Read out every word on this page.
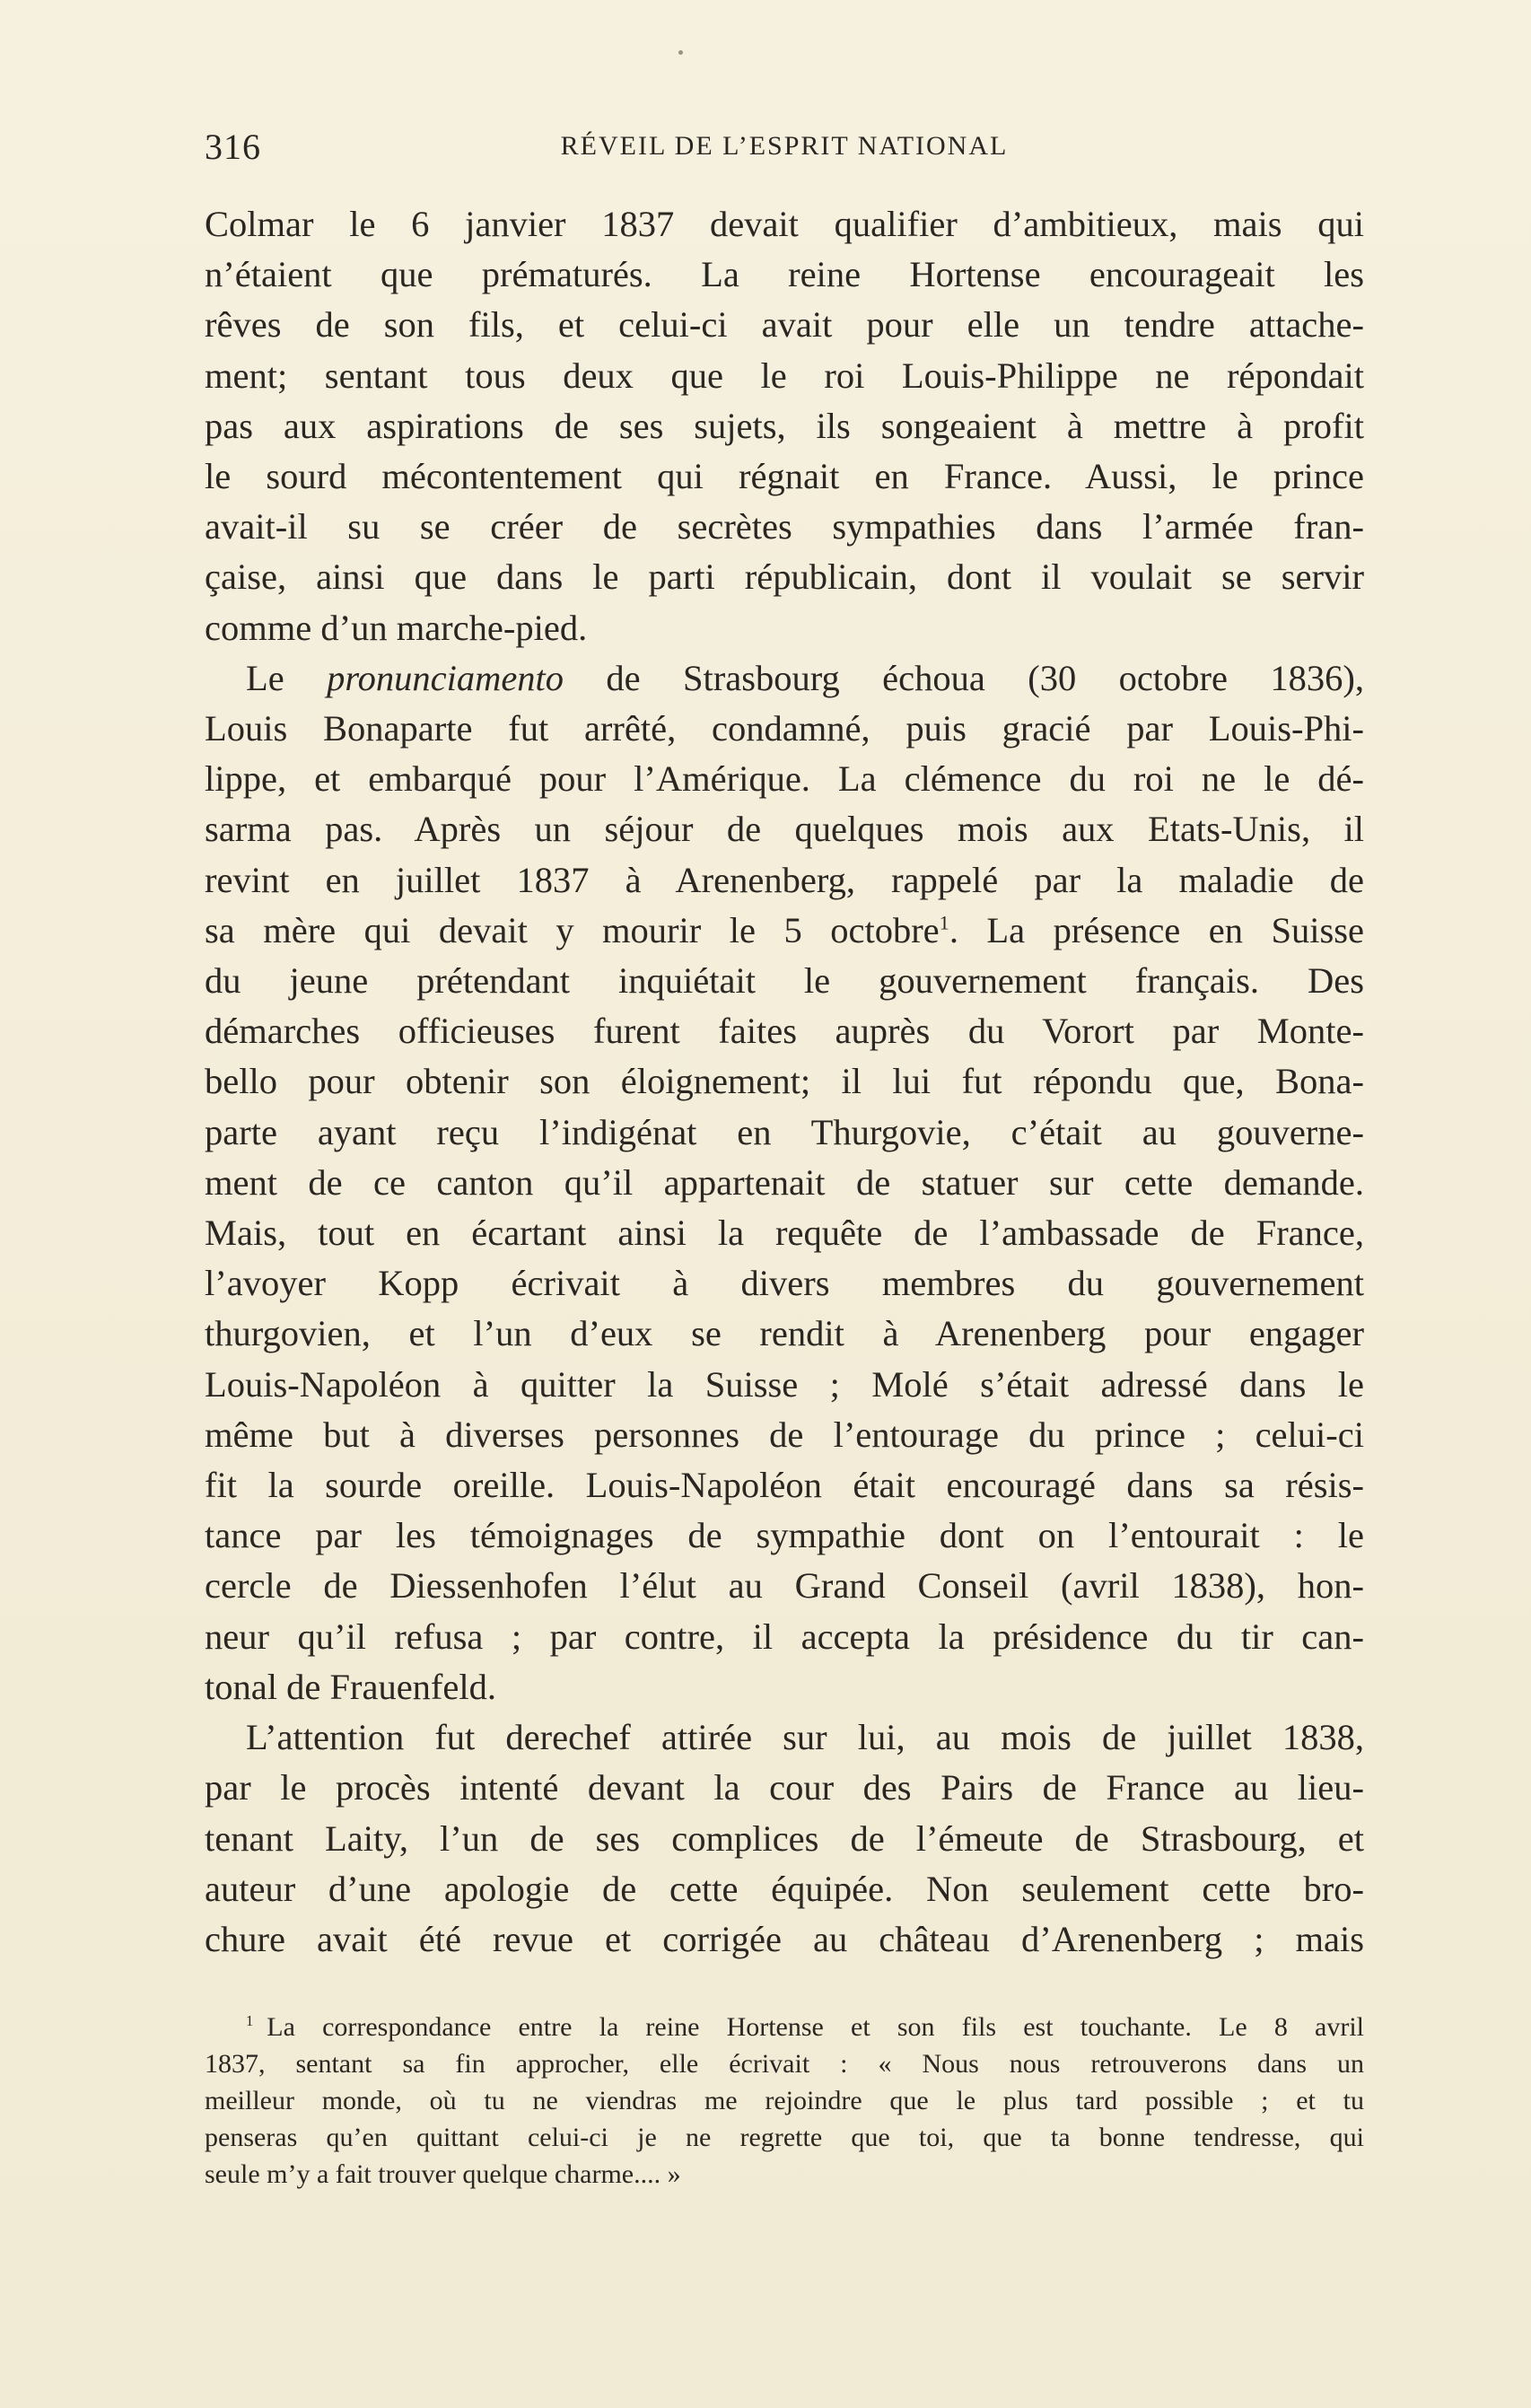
316	RÉVEIL DE L’ESPRIT NATIONAL

Colmar le 6 janvier 1837 devait qualifier d’ambitieux, mais qui
n’étaient que prématurés. La reine Hortense encourageait les
rêves de son fils, et celui-ci avait pour elle un tendre attache-
ment; sentant tous deux que le roi Louis-Philippe ne répondait
pas aux aspirations de ses sujets, ils songeaient à mettre à profit
le sourd mécontentement qui régnait en France. Aussi, le prince
avait-il su se créer de secrètes sympathies dans l’armée fran-
çaise, ainsi que dans le parti républicain, dont il voulait se servir
comme d’un marche-pied.

Le pronunciamento de Strasbourg échoua (30 octobre 1836),
Louis Bonaparte fut arrêté, condamné, puis gracié par Louis-Phi-
lippe, et embarqué pour l’Amérique. La clémence du roi ne le dé-
sarma pas. Après un séjour de quelques mois aux Etats-Unis, il
revint en juillet 1837 à Arenenberg, rappelé par la maladie de
sa mère qui devait y mourir le 5 octobre$^1$. La présence en Suisse
du jeune prétendant inquiétait le gouvernement français. Des
démarches officieuses furent faites auprès du Vorort par Monte-
bello pour obtenir son éloignement; il lui fut répondu que, Bona-
parte ayant reçu l’indigénat en Thurgovie, c’était au gouverne-
ment de ce canton qu’il appartenait de statuer sur cette demande.
Mais, tout en écartant ainsi la requête de l’ambassade de France,
l’avoyer Kopp écrivait à divers membres du gouvernement
thurgovien, et l’un d’eux se rendit à Arenenberg pour engager
Louis-Napoléon à quitter la Suisse ; Molé s’était adressé dans le
même but à diverses personnes de l’entourage du prince ; celui-ci
fit la sourde oreille. Louis-Napoléon était encouragé dans sa résis-
tance par les témoignages de sympathie dont on l’entourait : le
cercle de Diessenhofen l’élut au Grand Conseil (avril 1838), hon-
neur qu’il refusa ; par contre, il accepta la présidence du tir can-
tonal de Frauenfeld.

L’attention fut derechef attirée sur lui, au mois de juillet 1838,
par le procès intenté devant la cour des Pairs de France au lieu-
tenant Laity, l’un de ses complices de l’émeute de Strasbourg, et
auteur d’une apologie de cette équipée. Non seulement cette bro-
chure avait été revue et corrigée au château d’Arenenberg ; mais

$^1$  La correspondance entre la reine Hortense et son fils est touchante. Le 8 avril
1837, sentant sa fin approcher, elle écrivait : « Nous nous retrouverons dans un
meilleur monde, où tu ne viendras me rejoindre que le plus tard possible ; et tu
penseras qu’en quittant celui-ci je ne regrette que toi, que ta bonne tendresse, qui
seule m’y a fait trouver quelque charme.... »
